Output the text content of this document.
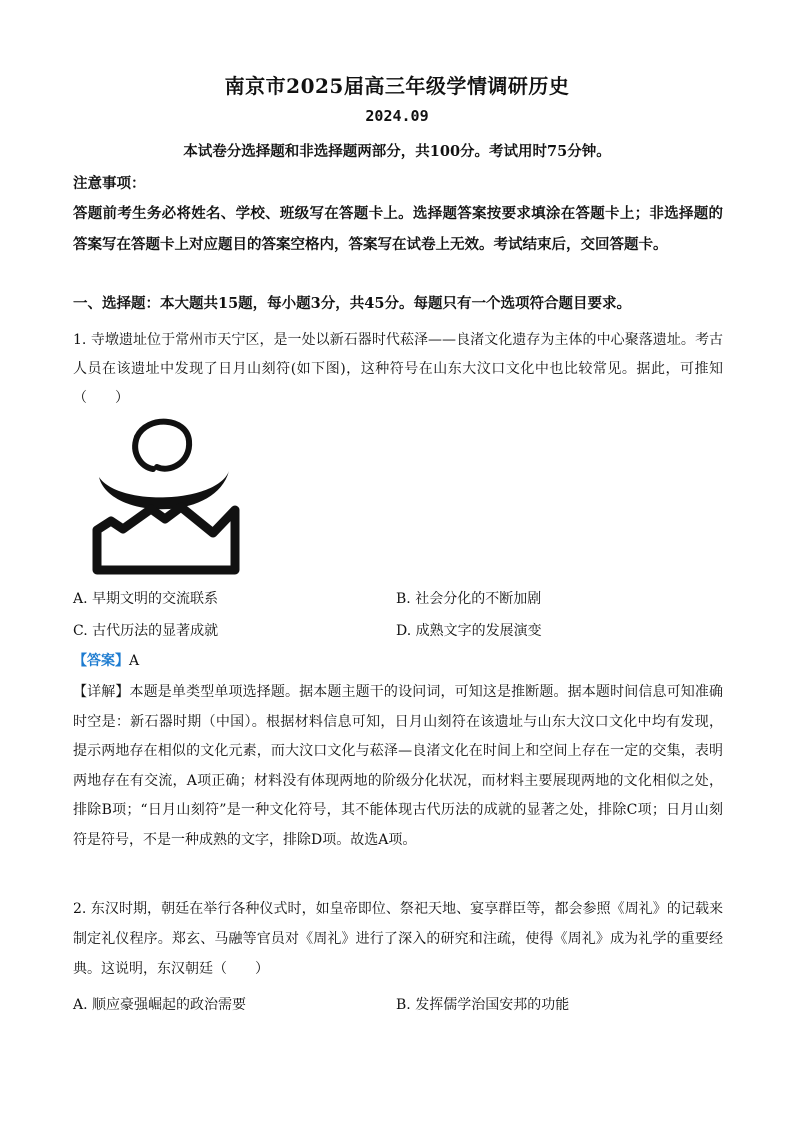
南京市2025届高三年级学情调研历史
2024.09
本试卷分选择题和非选择题两部分，共100分。考试用时75分钟。
注意事项：
答题前考生务必将姓名、学校、班级写在答题卡上。选择题答案按要求填涂在答题卡上；非选择题的答案写在答题卡上对应题目的答案空格内，答案写在试卷上无效。考试结束后，交回答题卡。
一、选择题：本大题共15题，每小题3分，共45分。每题只有一个选项符合题目要求。
1. 寺墩遗址位于常州市天宁区，是一处以新石器时代菘泽——良渚文化遗存为主体的中心聚落遗址。考古人员在该遗址中发现了日月山刻符(如下图)，这种符号在山东大汶口文化中也比较常见。据此，可推知（　　）
A. 早期文明的交流联系	B. 社会分化的不断加剧
C. 古代历法的显著成就	D. 成熟文字的发展演变
【答案】A
【详解】本题是单类型单项选择题。据本题主题干的设问词，可知这是推断题。据本题时间信息可知准确时空是：新石器时期（中国）。根据材料信息可知，日月山刻符在该遗址与山东大汶口文化中均有发现，提示两地存在相似的文化元素，而大汶口文化与菘泽—良渚文化在时间上和空间上存在一定的交集，表明两地存在有交流，A项正确；材料没有体现两地的阶级分化状况，而材料主要展现两地的文化相似之处，排除B项；“日月山刻符”是一种文化符号，其不能体现古代历法的成就的显著之处，排除C项；日月山刻符是符号，不是一种成熟的文字，排除D项。故选A项。
2. 东汉时期，朝廷在举行各种仪式时，如皇帝即位、祭祀天地、宴享群臣等，都会参照《周礼》的记载来制定礼仪程序。郑玄、马融等官员对《周礼》进行了深入的研究和注疏，使得《周礼》成为礼学的重要经典。这说明，东汉朝廷（　　）
A. 顺应豪强崛起的政治需要	B. 发挥儒学治国安邦的功能
